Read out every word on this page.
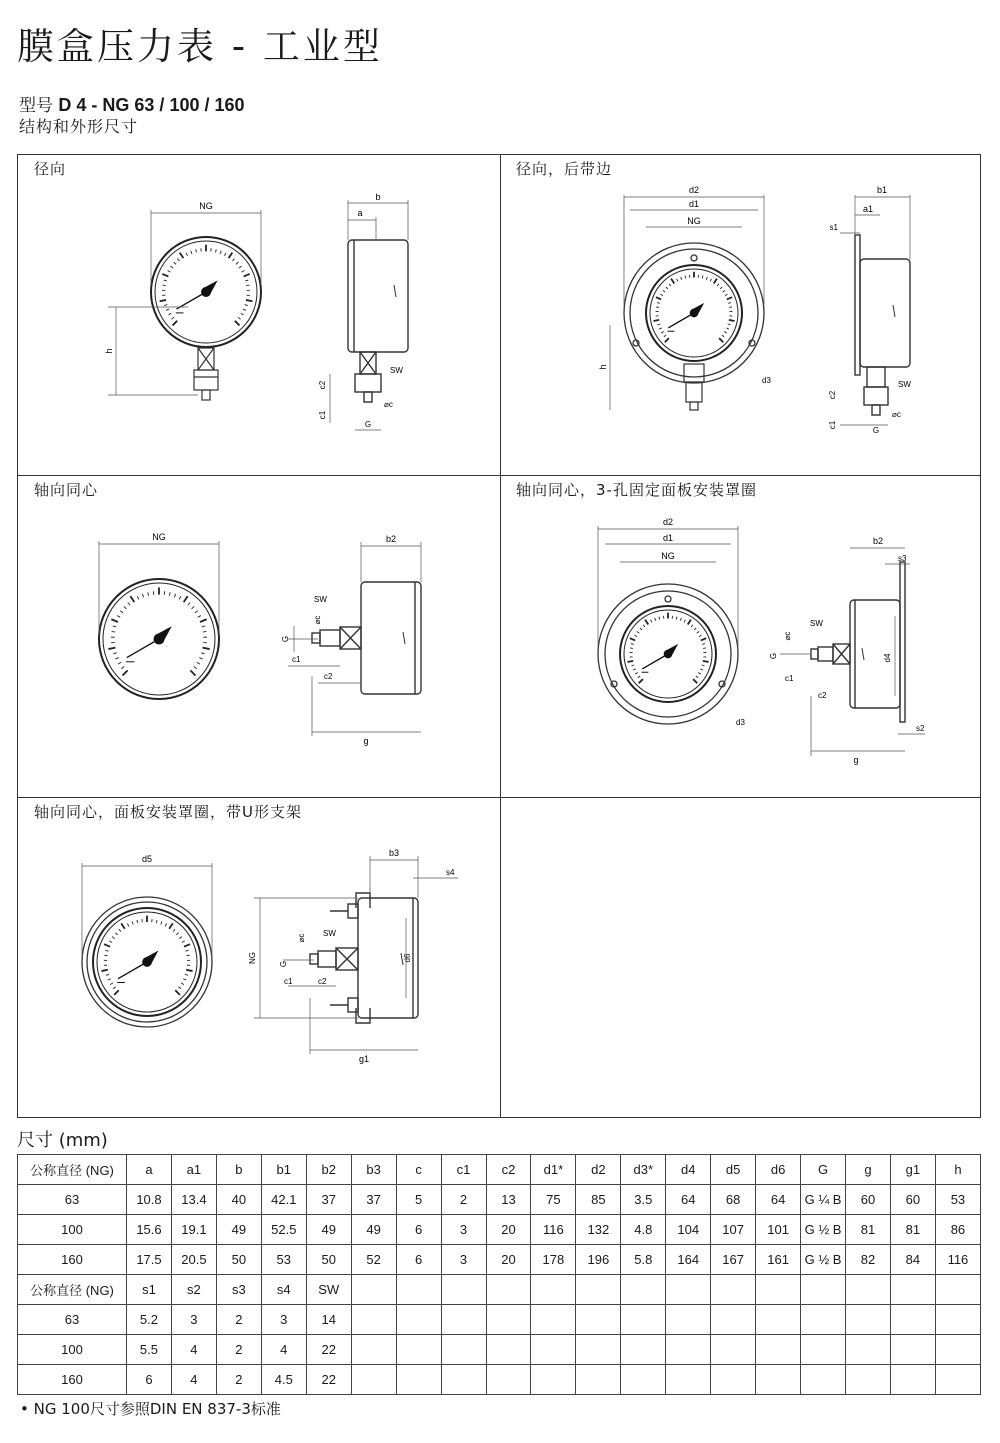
膜盒压力表 - 工业型
型号 D 4 - NG 63 / 100 / 160
结构和外形尺寸
径向
NG
h
b
a
SW
c2
c1
G
⌀c
径向，后带边
d2
d1
NG
h
d3
b1
a1
s1
SW
c2
c1
G
⌀c
轴向同心
NG	b2
SW
⌀c
G
c1
c2
g
轴向同心，3-孔固定面板安装罩圈
d2
d1
NG
d3
b2
s3
d4
s2
SW
⌀c
G
c1
c2
g
轴向同心，面板安装罩圈，带U形支架
d5
b3
s4
d6
NG
SW
⌀c
G
c1	c2
g1
尺寸 (mm)
公称直径 (NG)	a	a1	b	b1	b2	b3	c	c1	c2	d1*	d2	d3*	d4	d5	d6	G	g	g1	h
63	10.8	13.4	40	42.1	37	37	5	2	13	75	85	3.5	64	68	64	G ¼ B	60	60	53
100	15.6	19.1	49	52.5	49	49	6	3	20	116	132	4.8	104	107	101	G ½ B	81	81	86
160	17.5	20.5	50	53	50	52	6	3	20	178	196	5.8	164	167	161	G ½ B	82	84	116
公称直径 (NG)	s1	s2	s3	s4	SW														
63	5.2	3	2	3	14														
100	5.5	4	2	4	22														
160	6	4	2	4.5	22														
• NG 100尺寸参照DIN EN 837-3标准
